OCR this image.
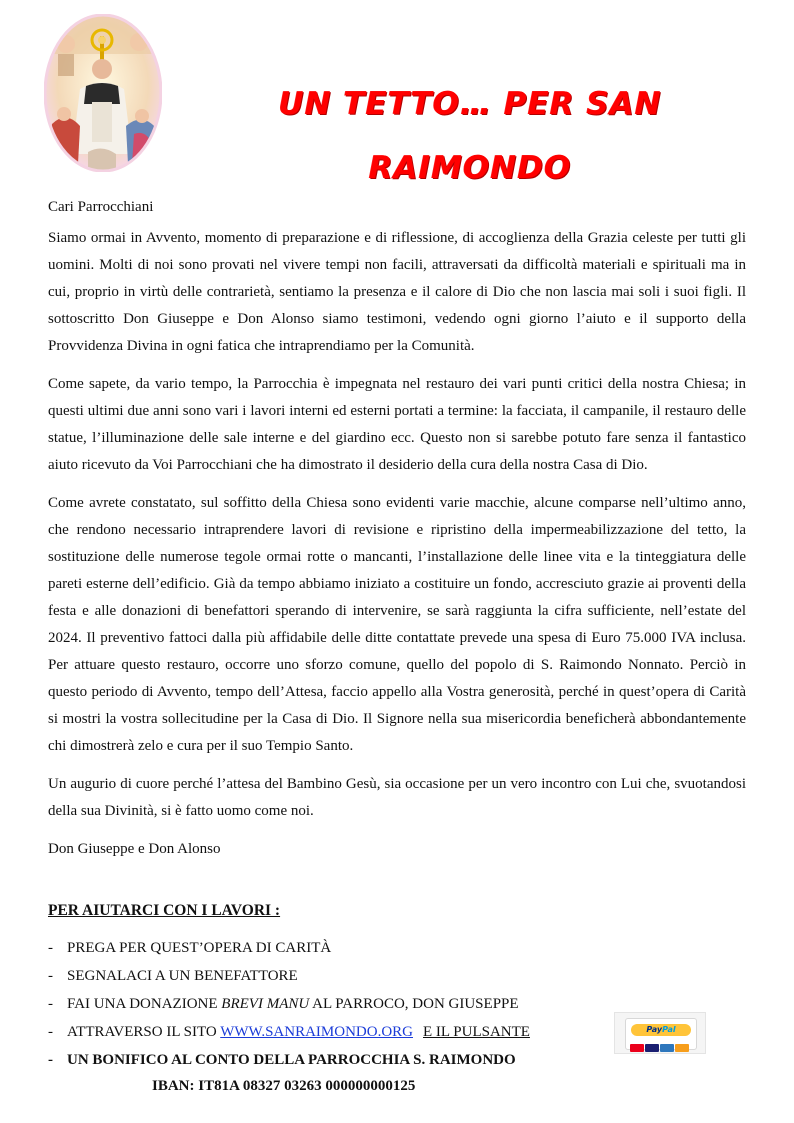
UN TETTO… PER SAN
RAIMONDO

Cari Parrocchiani

Siamo ormai in Avvento, momento di preparazione e di riflessione, di accoglienza della Grazia celeste per tutti gli uomini. Molti di noi sono provati nel vivere tempi non facili, attraversati da difficoltà materiali e spirituali ma in cui, proprio in virtù delle contrarietà, sentiamo la presenza e il calore di Dio che non lascia mai soli i suoi figli. Il sottoscritto Don Giuseppe e Don Alonso siamo testimoni, vedendo ogni giorno l’aiuto e il supporto della Provvidenza Divina in ogni fatica che intraprendiamo per la Comunità.

Come sapete, da vario tempo, la Parrocchia è impegnata nel restauro dei vari punti critici della nostra Chiesa; in questi ultimi due anni sono vari i lavori interni ed esterni portati a termine: la facciata, il campanile, il restauro delle statue, l’illuminazione delle sale interne e del giardino ecc. Questo non si sarebbe potuto fare senza il fantastico aiuto ricevuto da Voi Parrocchiani che ha dimostrato il desiderio della cura della nostra Casa di Dio.

Come avrete constatato, sul soffitto della Chiesa sono evidenti varie macchie, alcune comparse nell’ultimo anno, che rendono necessario intraprendere lavori di revisione e ripristino della impermeabilizzazione del tetto, la sostituzione delle numerose tegole ormai rotte o mancanti, l’installazione delle linee vita e la tinteggiatura delle pareti esterne dell’edificio. Già da tempo abbiamo iniziato a costituire un fondo, accresciuto grazie ai proventi della festa e alle donazioni di benefattori sperando di intervenire, se sarà raggiunta la cifra sufficiente, nell’estate del 2024. Il preventivo fattoci dalla più affidabile delle ditte contattate prevede una spesa di Euro 75.000 IVA inclusa. Per attuare questo restauro, occorre uno sforzo comune, quello del popolo di S. Raimondo Nonnato. Perciò in questo periodo di Avvento, tempo dell’Attesa, faccio appello alla Vostra generosità, perché in quest’opera di Carità si mostri la vostra sollecitudine per la Casa di Dio. Il Signore nella sua misericordia beneficherà abbondantemente chi dimostrerà zelo e cura per il suo Tempio Santo.

Un augurio di cuore perché l’attesa del Bambino Gesù, sia occasione per un vero incontro con Lui che, svuotandosi della sua Divinità, si è fatto uomo come noi.

Don Giuseppe e Don Alonso

PER AIUTARCI CON I LAVORI :
- PREGA PER QUEST’OPERA DI CARITÀ
- SEGNALACI A UN BENEFATTORE
- FAI UNA DONAZIONE BREVI MANU AL PARROCO, DON GIUSEPPE
- ATTRAVERSO IL SITO WWW.SANRAIMONDO.ORG E IL PULSANTE
- UN BONIFICO AL CONTO DELLA PARROCCHIA S. RAIMONDO

IBAN: IT81A 08327 03263 000000000125

PayPal
